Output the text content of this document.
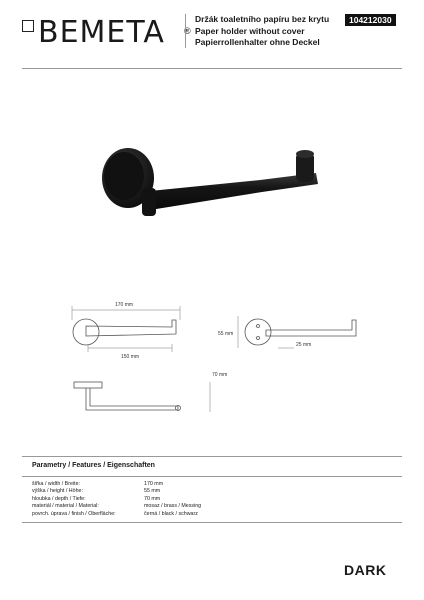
BEMETA ®
Držák toaletního papíru bez krytu
Paper holder without cover
Papierrollenhalter ohne Deckel
104212030
170 mm
150 mm
55 mm
25 mm
70 mm
Parametry / Features / Eigenschaften
šířka / width / Breite:	170 mm
výška / height / Höhe:	55 mm
hloubka / depth / Tiefe:	70 mm
materiál / material / Material:	mosaz / brass / Messing
povrch. úprava / finish / Oberfläche:	černá / black / schwarz
DARK
